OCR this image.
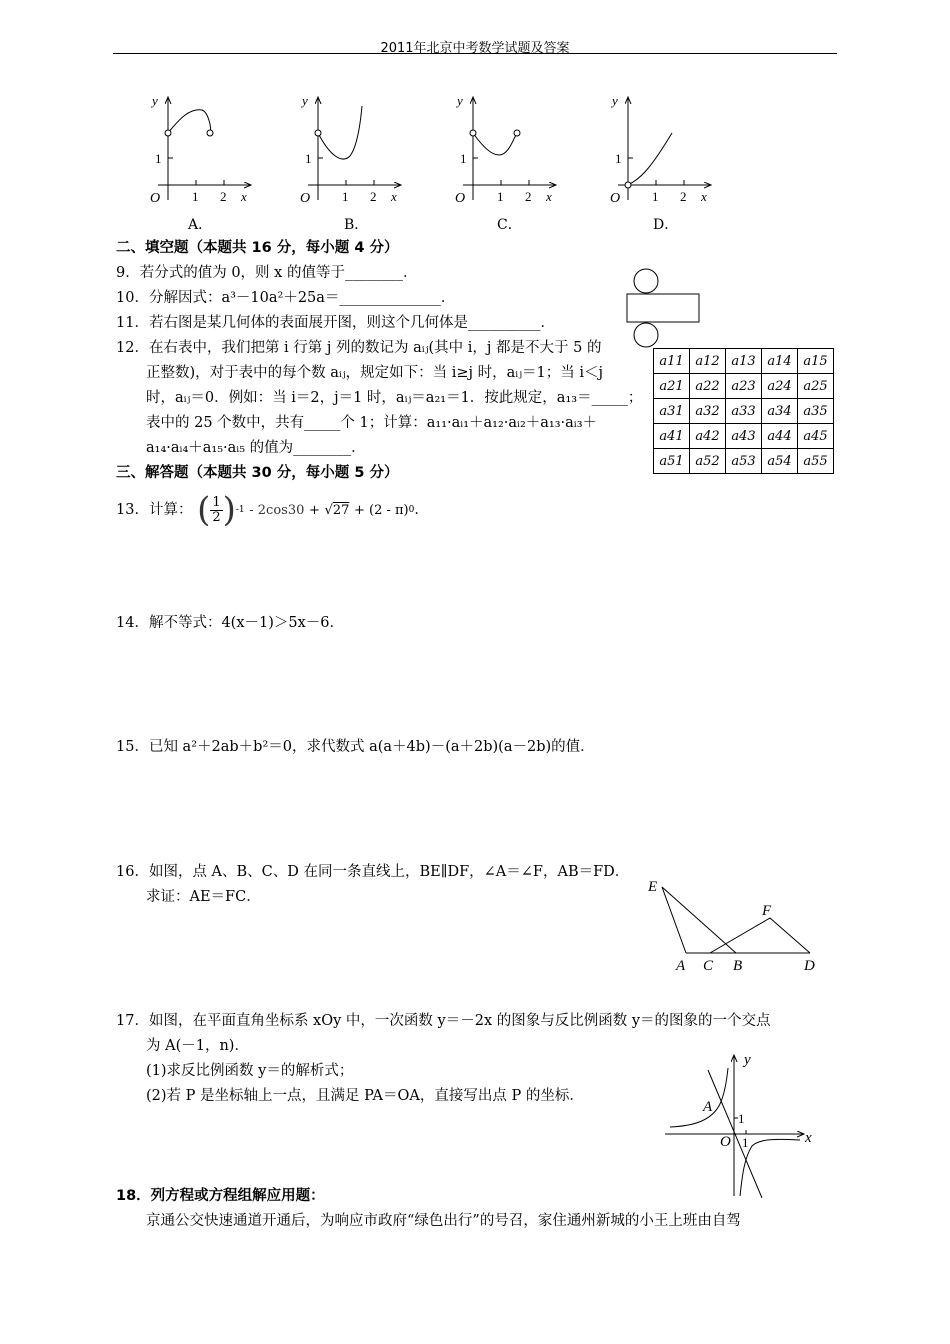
2011年北京中考数学试题及答案
O
y
x
1
1 2	O
y
x
1
1 2	O
y
x
1
1 2	O
y
x
1
1 2
A．	B．	C．	D．
二、填空题（本题共 16 分，每小题 4 分）
9．若分式的值为 0，则 x 的值等于________．
10．分解因式：a³－10a²＋25a＝______________．
11．若右图是某几何体的表面展开图，则这个几何体是__________．
12．在右表中，我们把第 i 行第 j 列的数记为 aᵢⱼ(其中 i，j 都是不大于 5 的
正整数)，对于表中的每个数 aᵢⱼ，规定如下：当 i≥j 时，aᵢⱼ＝1；当 i＜j
时，aᵢⱼ＝0．例如：当 i＝2，j＝1 时，aᵢⱼ＝a₂₁＝1．按此规定，a₁₃＝_____；
表中的 25 个数中，共有_____个 1；计算：a₁₁·aᵢ₁＋a₁₂·aᵢ₂＋a₁₃·aᵢ₃＋
a₁₄·aᵢ₄＋a₁₅·aᵢ₅ 的值为________．
a11	a12	a13	a14	a15
a21	a22	a23	a24	a25
a31	a32	a33	a34	a35
a41	a42	a43	a44	a45
a51	a52	a53	a54	a55
三、解答题（本题共 30 分，每小题 5 分）
13．计算： ( $\frac{1}{2} )^{-1} - 2\cos 30 + √27 + (2 - \pi)^0$．
14．解不等式：4(x－1)＞5x－6．
15．已知 a²＋2ab＋b²＝0，求代数式 a(a＋4b)－(a＋2b)(a－2b)的值．
16．如图，点 A、B、C、D 在同一条直线上，BE∥DF，∠A＝∠F，AB＝FD．
求证：AE＝FC．
E
F
A C B	D
17．如图，在平面直角坐标系 xOy 中，一次函数 y＝－2x 的图象与反比例函数 y＝的图象的一个交点
为 A(－1，n)．
(1)求反比例函数 y＝的解析式；
(2)若 P 是坐标轴上一点，且满足 PA＝OA，直接写出点 P 的坐标．
A
O	x
y
1
1
18．列方程或方程组解应用题：
京通公交快速通道开通后，为响应市政府“绿色出行”的号召，家住通州新城的小王上班由自驾
